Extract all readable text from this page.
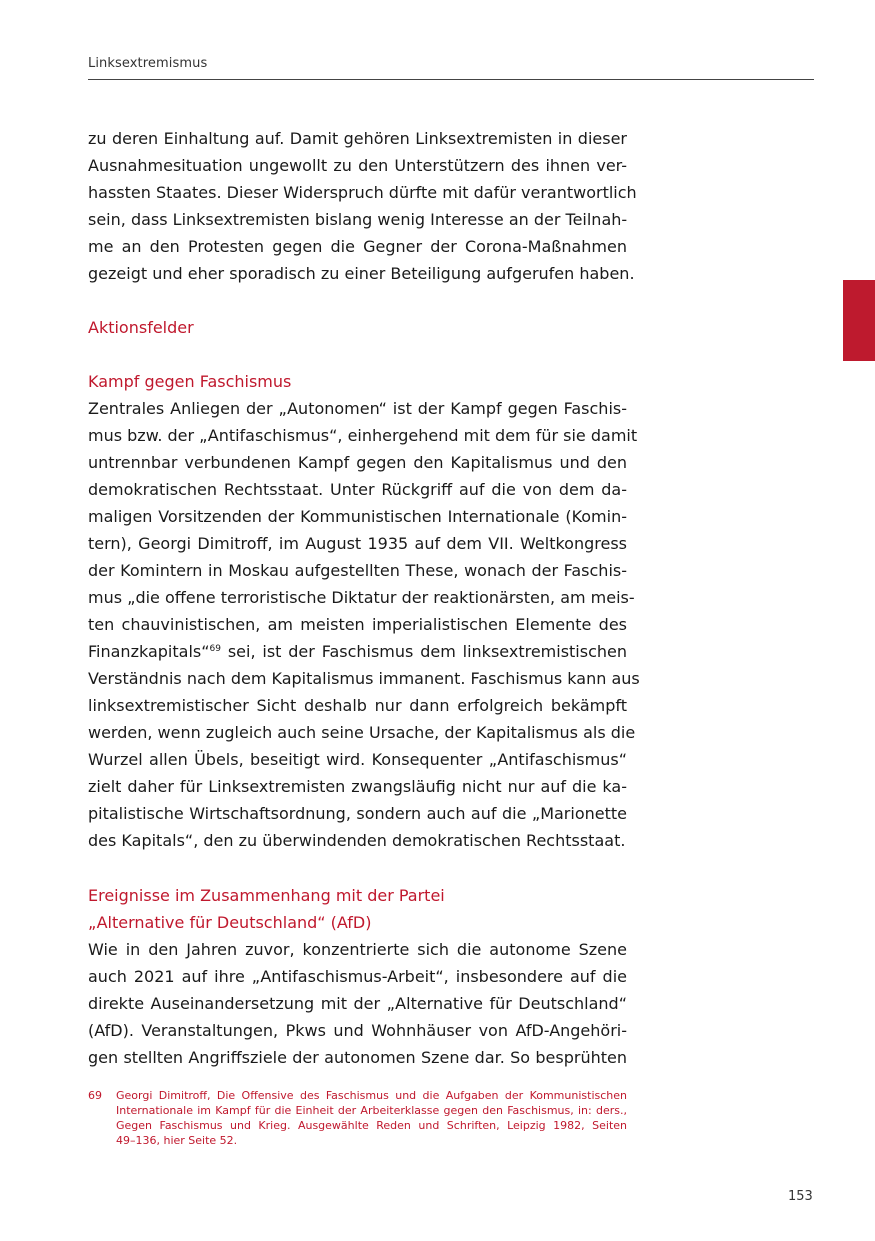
Linksextremismus

zu deren Einhaltung auf. Damit gehören Linksextremisten in dieser
Ausnahmesituation ungewollt zu den Unterstützern des ihnen ver-
hassten Staates. Dieser Widerspruch dürfte mit dafür verantwortlich
sein, dass Linksextremisten bislang wenig Interesse an der Teilnah-
me an den Protesten gegen die Gegner der Corona-Maßnahmen
gezeigt und eher sporadisch zu einer Beteiligung aufgerufen haben.

Aktionsfelder
Kampf gegen Faschismus

Zentrales Anliegen der „Autonomen“ ist der Kampf gegen Faschis-
mus bzw. der „Antifaschismus“, einhergehend mit dem für sie damit
untrennbar verbundenen Kampf gegen den Kapitalismus und den
demokratischen Rechtsstaat. Unter Rückgriff auf die von dem da-
maligen Vorsitzenden der Kommunistischen Internationale (Komin-
tern), Georgi Dimitroff, im August 1935 auf dem VII. Weltkongress
der Komintern in Moskau aufgestellten These, wonach der Faschis-
mus „die offene terroristische Diktatur der reaktionärsten, am meis-
ten chauvinistischen, am meisten imperialistischen Elemente des
Finanzkapitals“$^{69}$ sei, ist der Faschismus dem linksextremistischen
Verständnis nach dem Kapitalismus immanent. Faschismus kann aus
linksextremistischer Sicht deshalb nur dann erfolgreich bekämpft
werden, wenn zugleich auch seine Ursache, der Kapitalismus als die
Wurzel allen Übels, beseitigt wird. Konsequenter „Antifaschismus“
zielt daher für Linksextremisten zwangsläufig nicht nur auf die ka-
pitalistische Wirtschaftsordnung, sondern auch auf die „Marionette
des Kapitals“, den zu überwindenden demokratischen Rechtsstaat.

Ereignisse im Zusammenhang mit der Partei
„Alternative für Deutschland“ (AfD)

Wie in den Jahren zuvor, konzentrierte sich die autonome Szene
auch 2021 auf ihre „Antifaschismus-Arbeit“, insbesondere auf die
direkte Auseinandersetzung mit der „Alternative für Deutschland“
(AfD). Veranstaltungen, Pkws und Wohnhäuser von AfD-Angehöri-
gen stellten Angriffsziele der autonomen Szene dar. So besprühten

69 Georgi Dimitroff, Die Offensive des Faschismus und die Aufgaben der Kommunistischen
Internationale im Kampf für die Einheit der Arbeiterklasse gegen den Faschismus, in: ders.,
Gegen Faschismus und Krieg. Ausgewählte Reden und Schriften, Leipzig 1982, Seiten
49–136, hier Seite 52.
153
